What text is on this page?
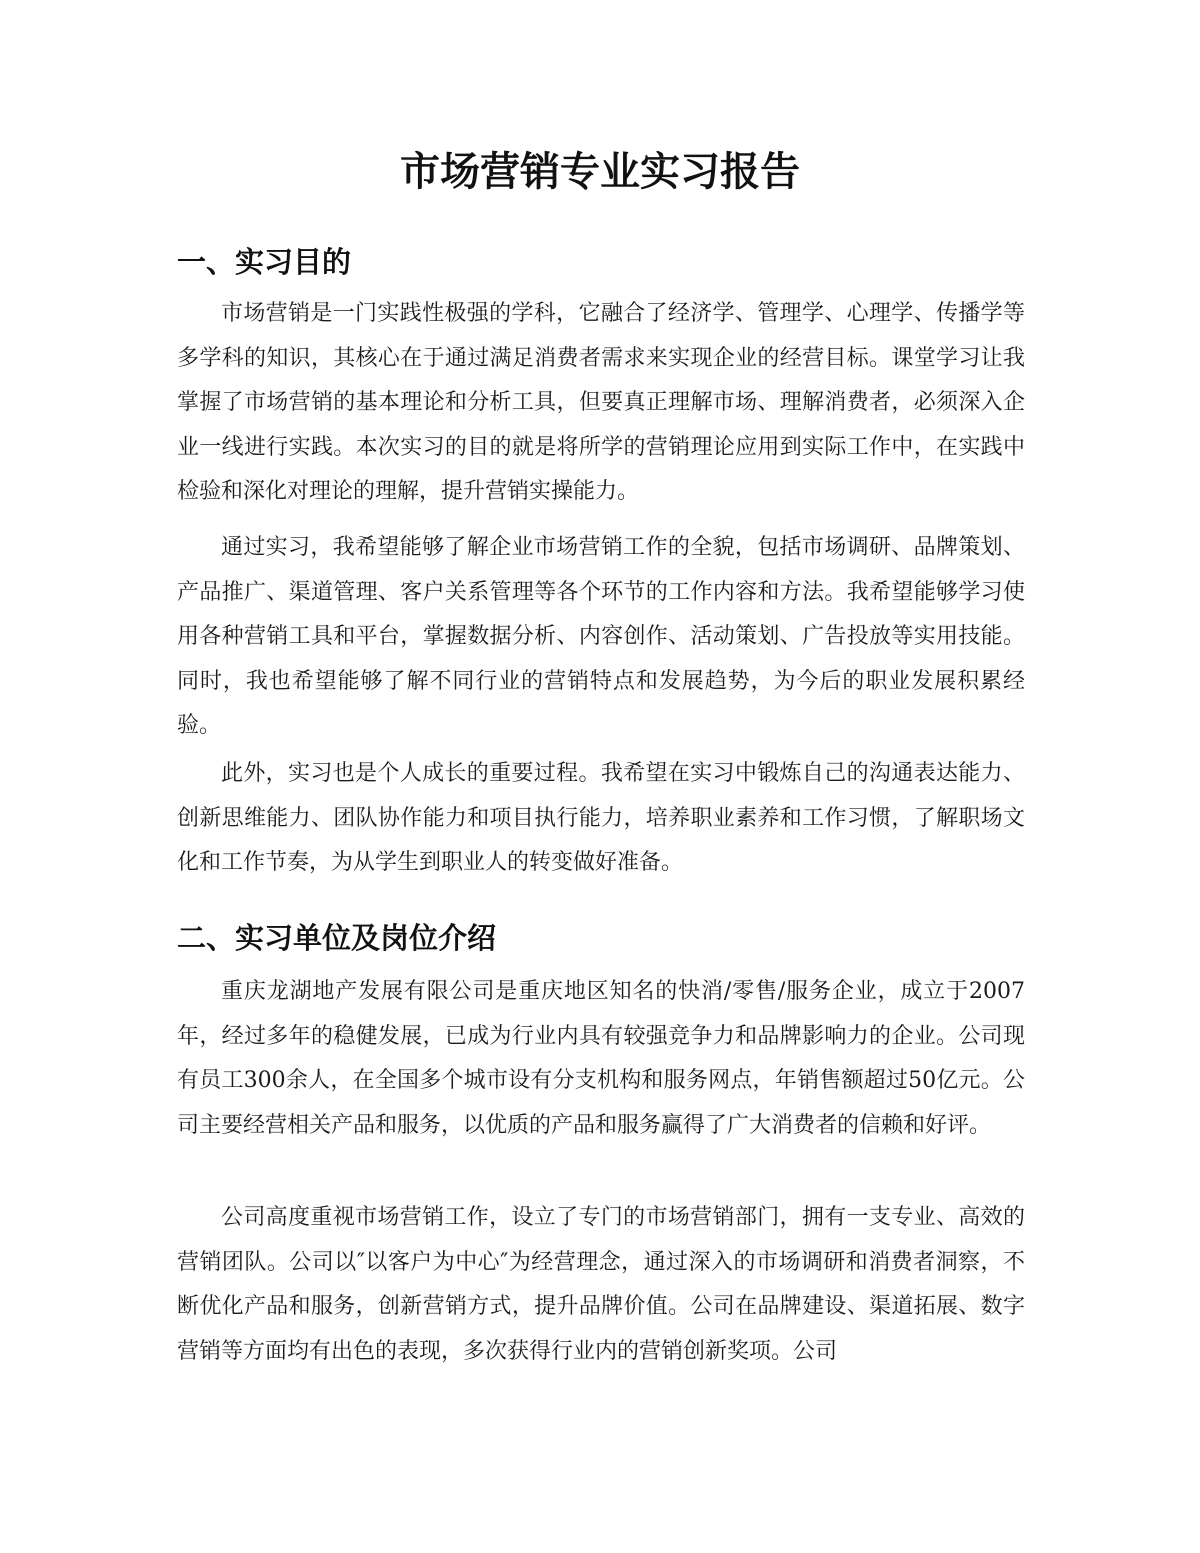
市场营销专业实习报告
一、实习目的

市场营销是一门实践性极强的学科，它融合了经济学、管理学、心理学、传播学等多学科的知识，其核心在于通过满足消费者需求来实现企业的经营目标。课堂学习让我掌握了市场营销的基本理论和分析工具，但要真正理解市场、理解消费者，必须深入企业一线进行实践。本次实习的目的就是将所学的营销理论应用到实际工作中，在实践中检验和深化对理论的理解，提升营销实操能力。

通过实习，我希望能够了解企业市场营销工作的全貌，包括市场调研、品牌策划、产品推广、渠道管理、客户关系管理等各个环节的工作内容和方法。我希望能够学习使用各种营销工具和平台，掌握数据分析、内容创作、活动策划、广告投放等实用技能。同时，我也希望能够了解不同行业的营销特点和发展趋势，为今后的职业发展积累经验。

此外，实习也是个人成长的重要过程。我希望在实习中锻炼自己的沟通表达能力、创新思维能力、团队协作能力和项目执行能力，培养职业素养和工作习惯，了解职场文化和工作节奏，为从学生到职业人的转变做好准备。

二、实习单位及岗位介绍

重庆龙湖地产发展有限公司是重庆地区知名的快消/零售/服务企业，成立于2007年，经过多年的稳健发展，已成为行业内具有较强竞争力和品牌影响力的企业。公司现有员工300余人，在全国多个城市设有分支机构和服务网点，年销售额超过50亿元。公司主要经营相关产品和服务，以优质的产品和服务赢得了广大消费者的信赖和好评。

公司高度重视市场营销工作，设立了专门的市场营销部门，拥有一支专业、高效的营销团队。公司以″以客户为中心″为经营理念，通过深入的市场调研和消费者洞察，不断优化产品和服务，创新营销方式，提升品牌价值。公司在品牌建设、渠道拓展、数字营销等方面均有出色的表现，多次获得行业内的营销创新奖项。公司
